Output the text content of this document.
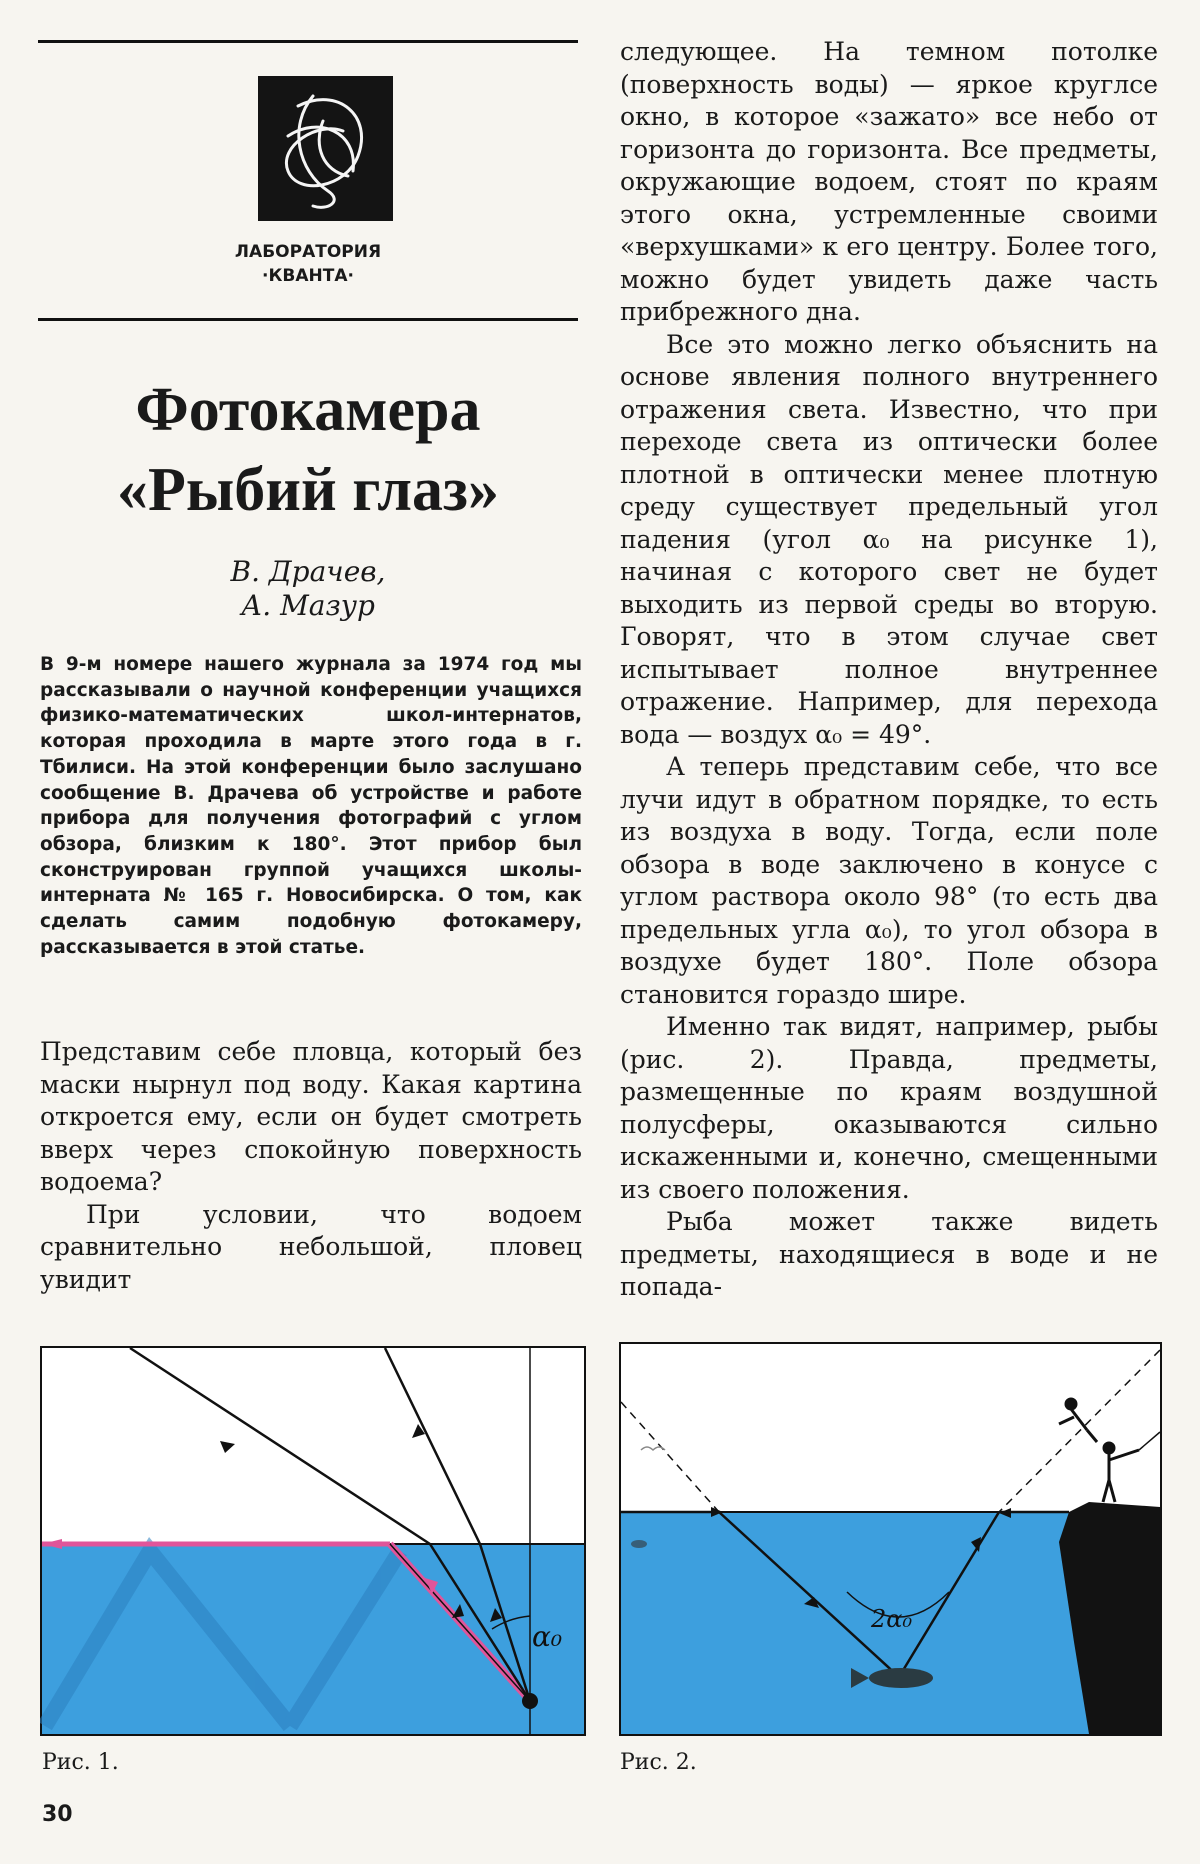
ЛАБОРАТОРИЯ
·КВАНТА·
Фотокамера
«Рыбий глаз»
В. Драчев,
А. Мазур
В 9-м номере нашего журнала за 1974 год мы рассказывали о научной конференции учащихся физико-математических школ-интернатов, которая проходила в марте этого года в г. Тбилиси. На этой конференции было заслушано сообщение В. Драчева об устройстве и работе прибора для получения фотографий с углом обзора, близким к 180°. Этот прибор был сконструирован группой учащихся школы-интерната № 165 г. Новосибирска. О том, как сделать самим подобную фотокамеру, рассказывается в этой статье.

Представим себе пловца, который без маски нырнул под воду. Какая картина откроется ему, если он будет смотреть вверх через спокойную поверхность водоема?

При условии, что водоем сравнительно небольшой, пловец увидит

следующее. На темном потолке (поверхность воды) — яркое круглсе окно, в которое «зажато» все небо от горизонта до горизонта. Все предметы, окружающие водоем, стоят по краям этого окна, устремленные своими «верхушками» к его центру. Более того, можно будет увидеть даже часть прибрежного дна.

Все это можно легко объяснить на основе явления полного внутреннего отражения света. Известно, что при переходе света из оптически более плотной в оптически менее плотную среду существует предельный угол падения (угол α₀ на рисунке 1), начиная с которого свет не будет выходить из первой среды во вторую. Говорят, что в этом случае свет испытывает полное внутреннее отражение. Например, для перехода вода — воздух α₀ = 49°.

А теперь представим себе, что все лучи идут в обратном порядке, то есть из воздуха в воду. Тогда, если поле обзора в воде заключено в конусе с углом раствора около 98° (то есть два предельных угла α₀), то угол обзора в воздухе будет 180°. Поле обзора становится гораздо шире.

Именно так видят, например, рыбы (рис. 2). Правда, предметы, размещенные по краям воздушной полусферы, оказываются сильно искаженными и, конечно, смещенными из своего положения.

Рыба может также видеть предметы, находящиеся в воде и не попада-

α₀
Рис. 1.
2α₀
Рис. 2.
30
